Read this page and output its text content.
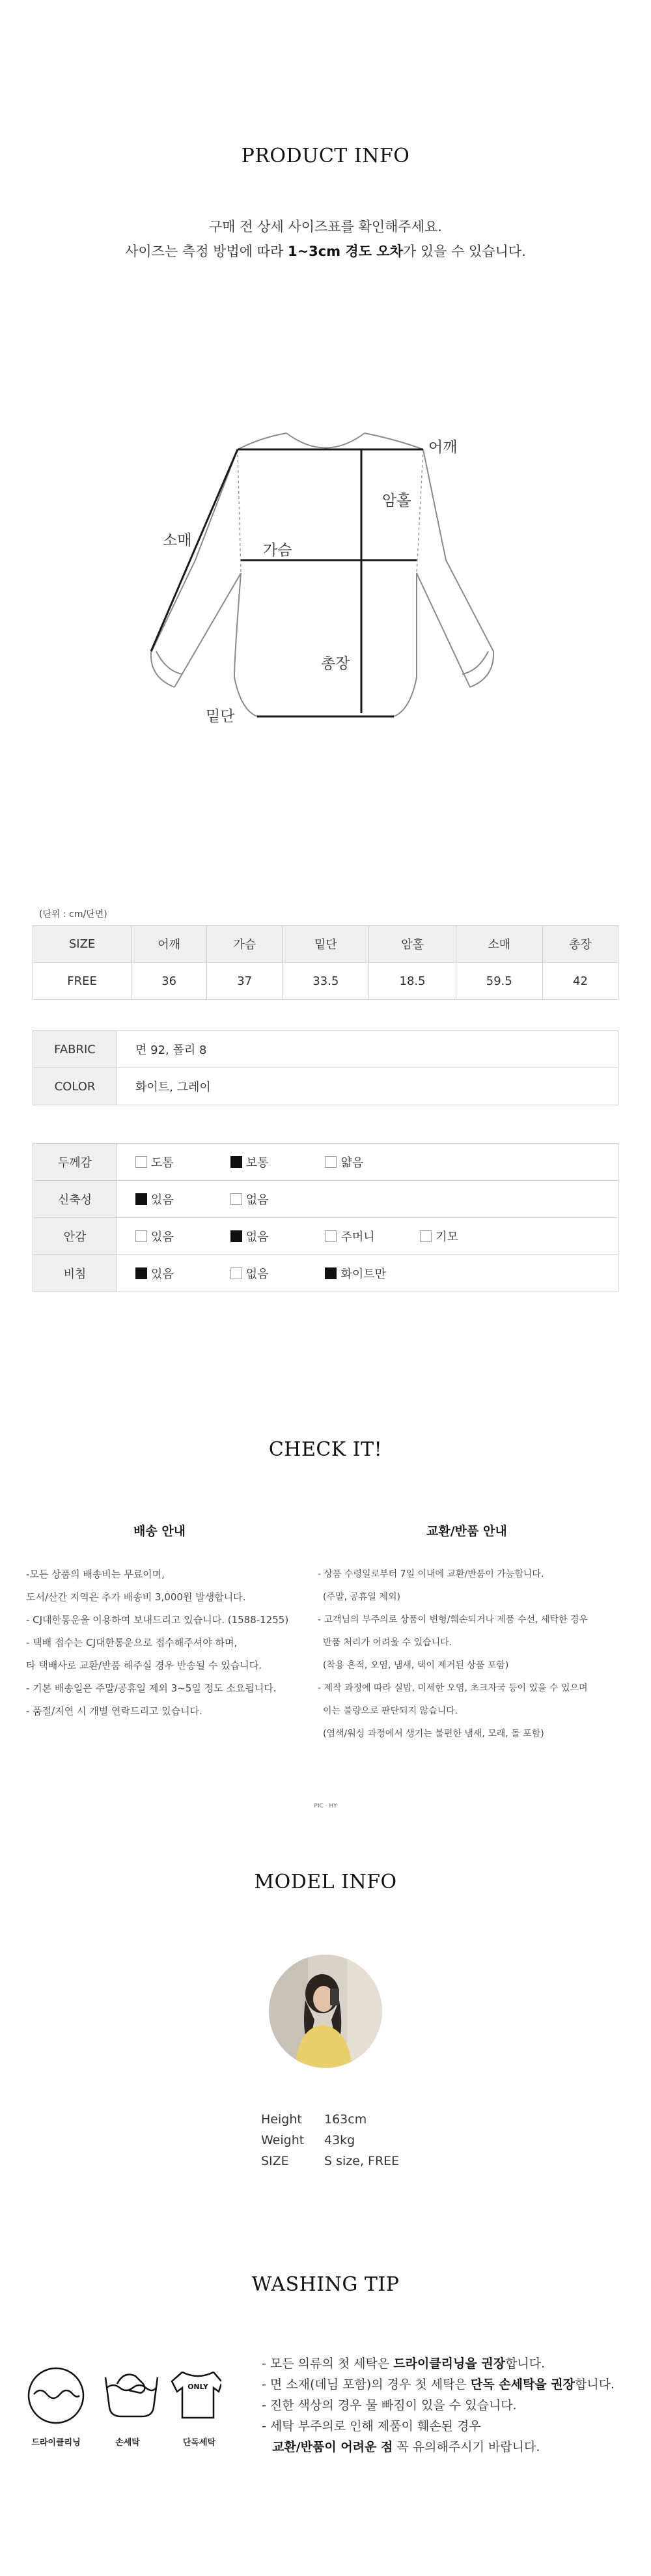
PRODUCT INFO
구매 전 상세 사이즈표를 확인해주세요.
사이즈는 측정 방법에 따라 1~3cm 경도 오차가 있을 수 있습니다.
어깨
암홀
소매
가슴
총장
밑단
(단위 : cm/단면)
SIZE	어깨	가슴	밑단	암홀	소매	총장
FREE	36	37	33.5	18.5	59.5	42
FABRIC	면 92, 폴리 8
COLOR	화이트, 그레이
두께감	도톰 보통 얇음
신축성	있음 없음
안감	있음 없음 주머니 기모
비침	있음 없음 화이트만
CHECK IT!
배송 안내	교환/반품 안내
-모든 상품의 배송비는 무료이며,
도서/산간 지역은 추가 배송비 3,000원 발생합니다.
- CJ대한통운을 이용하여 보내드리고 있습니다. (1588-1255)
- 택배 접수는 CJ대한통운으로 접수해주셔야 하며,
타 택배사로 교환/반품 해주실 경우 반송될 수 있습니다.
- 기본 배송일은 주말/공휴일 제외 3~5일 정도 소요됩니다.
- 품절/지연 시 개별 연락드리고 있습니다.
- 상품 수령일로부터 7일 이내에 교환/반품이 가능합니다.
(주말, 공휴일 제외)
- 고객님의 부주의로 상품이 변형/훼손되거나 제품 수선, 세탁한 경우
반품 처리가 어려울 수 있습니다.
(착용 흔적, 오염, 냄새, 택이 제거된 상품 포함)
- 제작 과정에 따라 실밥, 미세한 오염, 초크자국 등이 있을 수 있으며
이는 불량으로 판단되지 않습니다.
(염색/워싱 과정에서 생기는 불편한 냄새, 모래, 돌 포함)
PIC · HY
MODEL INFO
Height 163cm
Weight 43kg
SIZE	S size, FREE
WASHING TIP
ONLY
드라이클리닝	손세탁	단독세탁
- 모든 의류의 첫 세탁은 드라이클리닝을 권장합니다.
- 면 소재(데님 포함)의 경우 첫 세탁은 단독 손세탁을 권장합니다.
- 진한 색상의 경우 물 빠짐이 있을 수 있습니다.
- 세탁 부주의로 인해 제품이 훼손된 경우
교환/반품이 어려운 점 꼭 유의해주시기 바랍니다.
